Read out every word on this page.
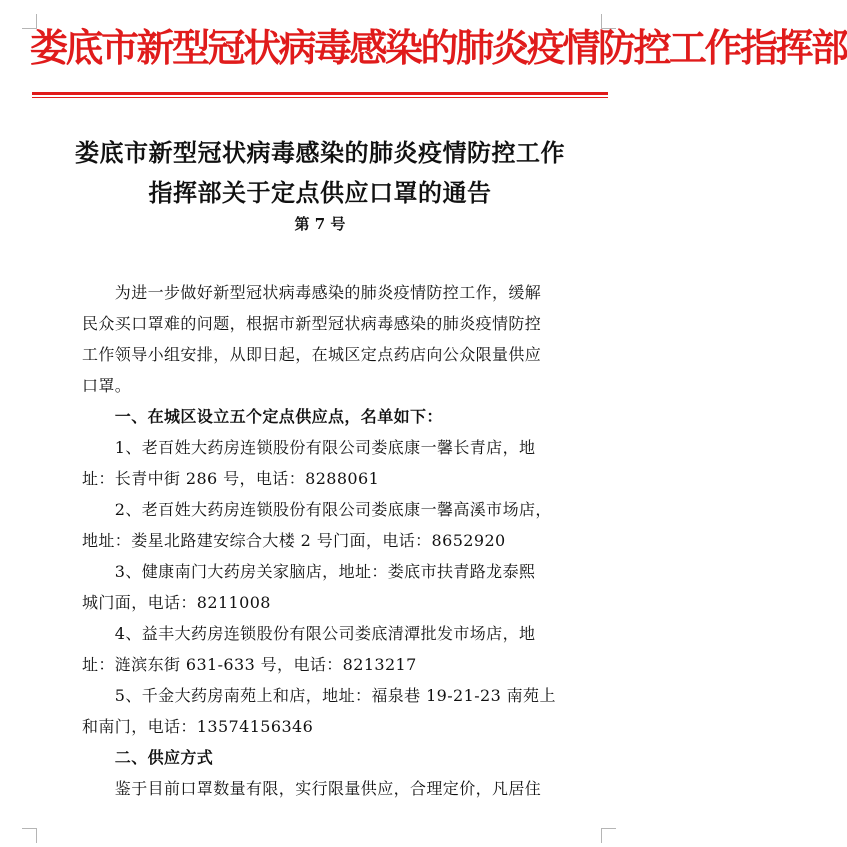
娄底市新型冠状病毒感染的肺炎疫情防控工作指挥部
娄底市新型冠状病毒感染的肺炎疫情防控工作
指挥部关于定点供应口罩的通告
第 7 号

　　为进一步做好新型冠状病毒感染的肺炎疫情防控工作，缓解

民众买口罩难的问题，根据市新型冠状病毒感染的肺炎疫情防控

工作领导小组安排，从即日起，在城区定点药店向公众限量供应

口罩。

　　一、在城区设立五个定点供应点，名单如下：

　　1、老百姓大药房连锁股份有限公司娄底康一馨长青店，地

址：长青中街 286 号，电话：8288061

　　2、老百姓大药房连锁股份有限公司娄底康一馨高溪市场店，

地址：娄星北路建安综合大楼 2 号门面，电话：8652920

　　3、健康南门大药房关家脑店，地址：娄底市扶青路龙泰熙

城门面，电话：8211008

　　4、益丰大药房连锁股份有限公司娄底清潭批发市场店，地

址：涟滨东街 631-633 号，电话：8213217

　　5、千金大药房南苑上和店，地址：福泉巷 19-21-23 南苑上

和南门，电话：13574156346

　　二、供应方式

　　鉴于目前口罩数量有限，实行限量供应，合理定价，凡居住
